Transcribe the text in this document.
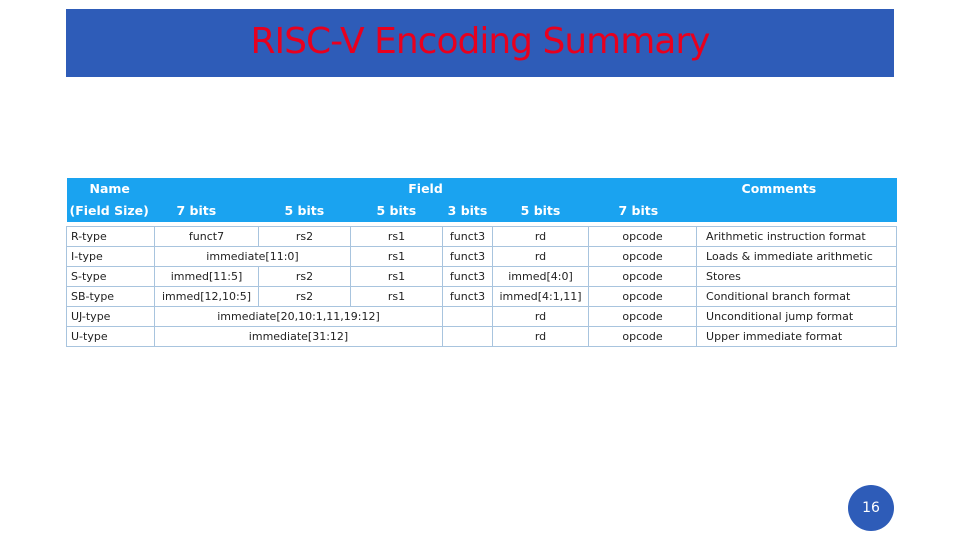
RISC-V Encoding Summary
Name	Field						Comments
(Field Size)	7 bits	5 bits	5 bits	3 bits	5 bits	7 bits	

R-type	funct7	rs2	rs1	funct3	rd	opcode	Arithmetic instruction format
I-type	immediate[11:0]		rs1	funct3	rd	opcode	Loads & immediate arithmetic
S-type	immed[11:5]	rs2	rs1	funct3	immed[4:0]	opcode	Stores
SB-type	immed[12,10:5]	rs2	rs1	funct3	immed[4:1,11]	opcode	Conditional branch format
UJ-type	immediate[20,10:1,11,19:12]				rd	opcode	Unconditional jump format
U-type	immediate[31:12]				rd	opcode	Upper immediate format
16
